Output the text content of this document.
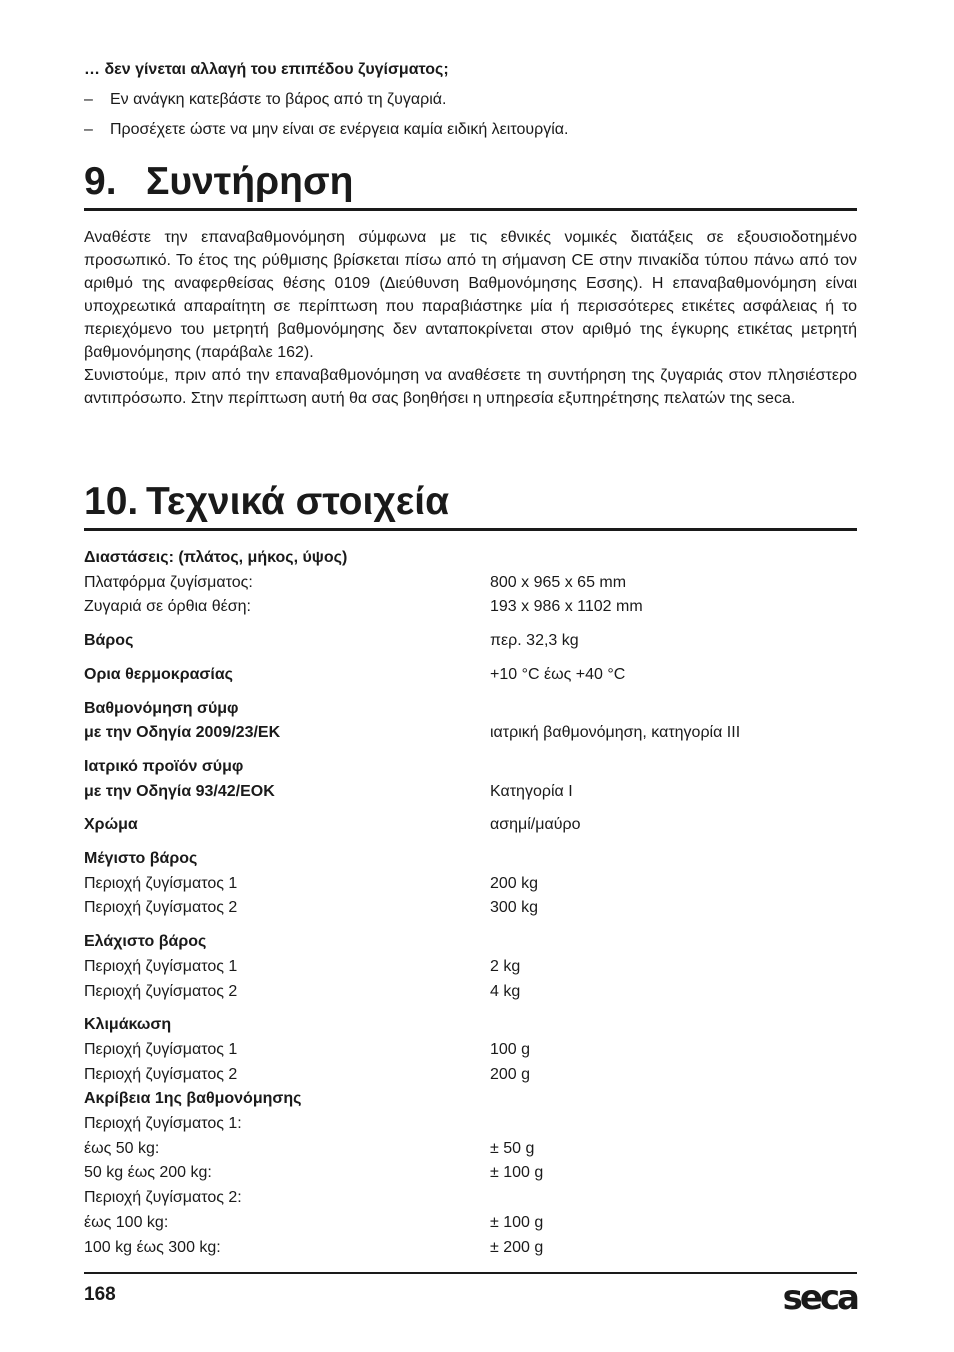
… δεν γίνεται αλλαγή του επιπέδου ζυγίσματος;

–	Εν ανάγκη κατεβάστε το βάρος από τη ζυγαριά.
–	Προσέχετε ώστε να μην είναι σε ενέργεια καμία ειδική λειτουργία.
9. Συντήρηση

Αναθέστε την επαναβαθμονόμηση σύμφωνα με τις εθνικές νομικές διατάξεις σε εξουσιοδοτημένο προσωπικό. Το έτος της ρύθμισης βρίσκεται πίσω από τη σήμανση CE στην πινακίδα τύπου πάνω από τον αριθμό της αναφερθείσας θέσης 0109 (Διεύθυνση Βαθμονόμησης Εσσης). Η επαναβαθμονόμηση είναι υποχρεωτικά απαραίτητη σε περίπτωση που παραβιάστηκε μία ή περισσότερες ετικέτες ασφάλειας ή το περιεχόμενο του μετρητή βαθμονόμησης δεν ανταποκρίνεται στον αριθμό της έγκυρης ετικέτας μετρητή βαθμονόμησης (παράβαλε 162).

Συνιστούμε, πριν από την επαναβαθμονόμηση να αναθέσετε τη συντήρηση της ζυγαριάς στον πλησιέστερο αντιπρόσωπο. Στην περίπτωση αυτή θα σας βοηθήσει η υπηρεσία εξυπηρέτησης πελατών της seca.

10. Τεχνικά στοιχεία
Διαστάσεις: (πλάτος, μήκος, ύψος)
Πλατφόρμα ζυγίσματος:	800 x 965 x 65 mm
Ζυγαριά σε όρθια θέση:	193 x 986 x 1102 mm
Βάρος	περ. 32,3 kg
Ορια θερμοκρασίας	+10 °C έως +40 °C
Βαθμονόμηση σύμφ
με την Οδηγία 2009/23/ΕΚ	ιατρική βαθμονόμηση, κατηγορία III
Ιατρικό προϊόν σύμφ
με την Οδηγία 93/42/ΕΟΚ	Κατηγορία I
Χρώμα	ασημί/μαύρο
Μέγιστο βάρος
Περιοχή ζυγίσματος 1	200 kg
Περιοχή ζυγίσματος 2	300 kg
Ελάχιστο βάρος
Περιοχή ζυγίσματος 1	2 kg
Περιοχή ζυγίσματος 2	4 kg
Κλιμάκωση
Περιοχή ζυγίσματος 1	100 g
Περιοχή ζυγίσματος 2	200 g
Ακρίβεια 1ης βαθμονόμησης
Περιοχή ζυγίσματος 1:
έως 50 kg:	± 50 g
50 kg έως 200 kg:	± 100 g
Περιοχή ζυγίσματος 2:
έως 100 kg:	± 100 g
100 kg έως 300 kg:	± 200 g
168	seca
